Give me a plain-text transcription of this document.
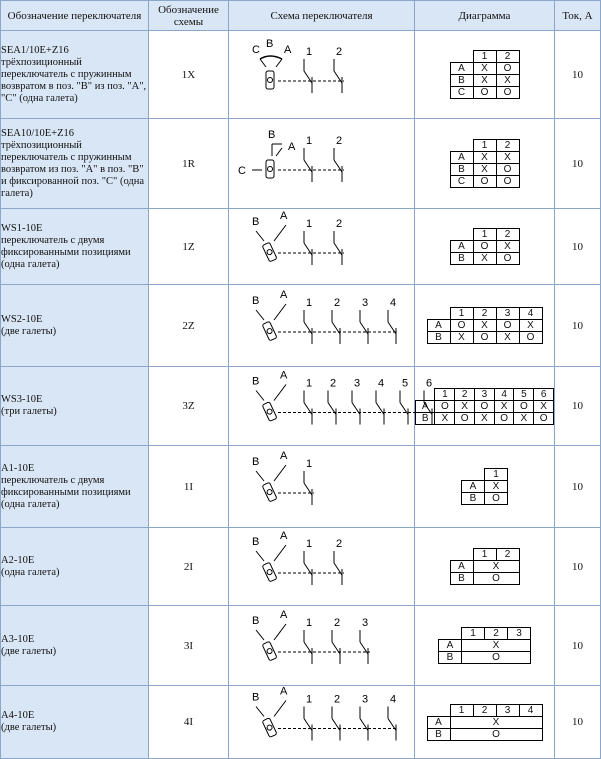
Обозначение переключателя	Обозначение схемы	Схема переключателя	Диаграмма	Ток, А

SEA1/10E+Z16
трёхпозиционный переключатель с пружинным возвратом в поз. "B" из поз. "A", "C" (одна галета)	1X	
C B A 1 2

		1	2
A	X	O
B	X	X
C	O	O
	10

SEA10/10E+Z16
трёхпозиционный переключатель с пружинным возвратом из поз. "A" в поз. "B" и фиксированной поз. "C" (одна галета)	1R	
B
A
C
1 2

		1	2
A	X	X
B	X	O
C	O	O
	10

WS1-10E
переключатель с двумя фиксированными позициями (одна галета)	1Z	
B A
1 2

	1	2
A	O	X
B	X	O
	10

WS2-10E
(две галеты)	2Z	
B A
1 2 3 4

	1	2	3	4
A	O	X	O	X
B	X	O	X	O
	10

WS3-10E
(три галеты)	3Z	
B A
1 2 3 4 5 6

	1	2	3	4	5	6
A	O	X	O	X	O	X
B	X	O	X	O	X	O
	10

A1-10E
переключатель с двумя фиксированными позициями (одна галета)	1I	
B A
1

	1
A	X
B	O
	10

A2-10E
(одна галета)	2I	
B A
1 2

	1	2
A	X
B	O
	10

A3-10E
(две галеты)	3I	
B A
1 2 3

	1	2	3
A	X
B	O
	10

A4-10E
(две галеты)	4I	
B A
1 2 3 4

	1	2	3	4
A	X
B	O
	10
